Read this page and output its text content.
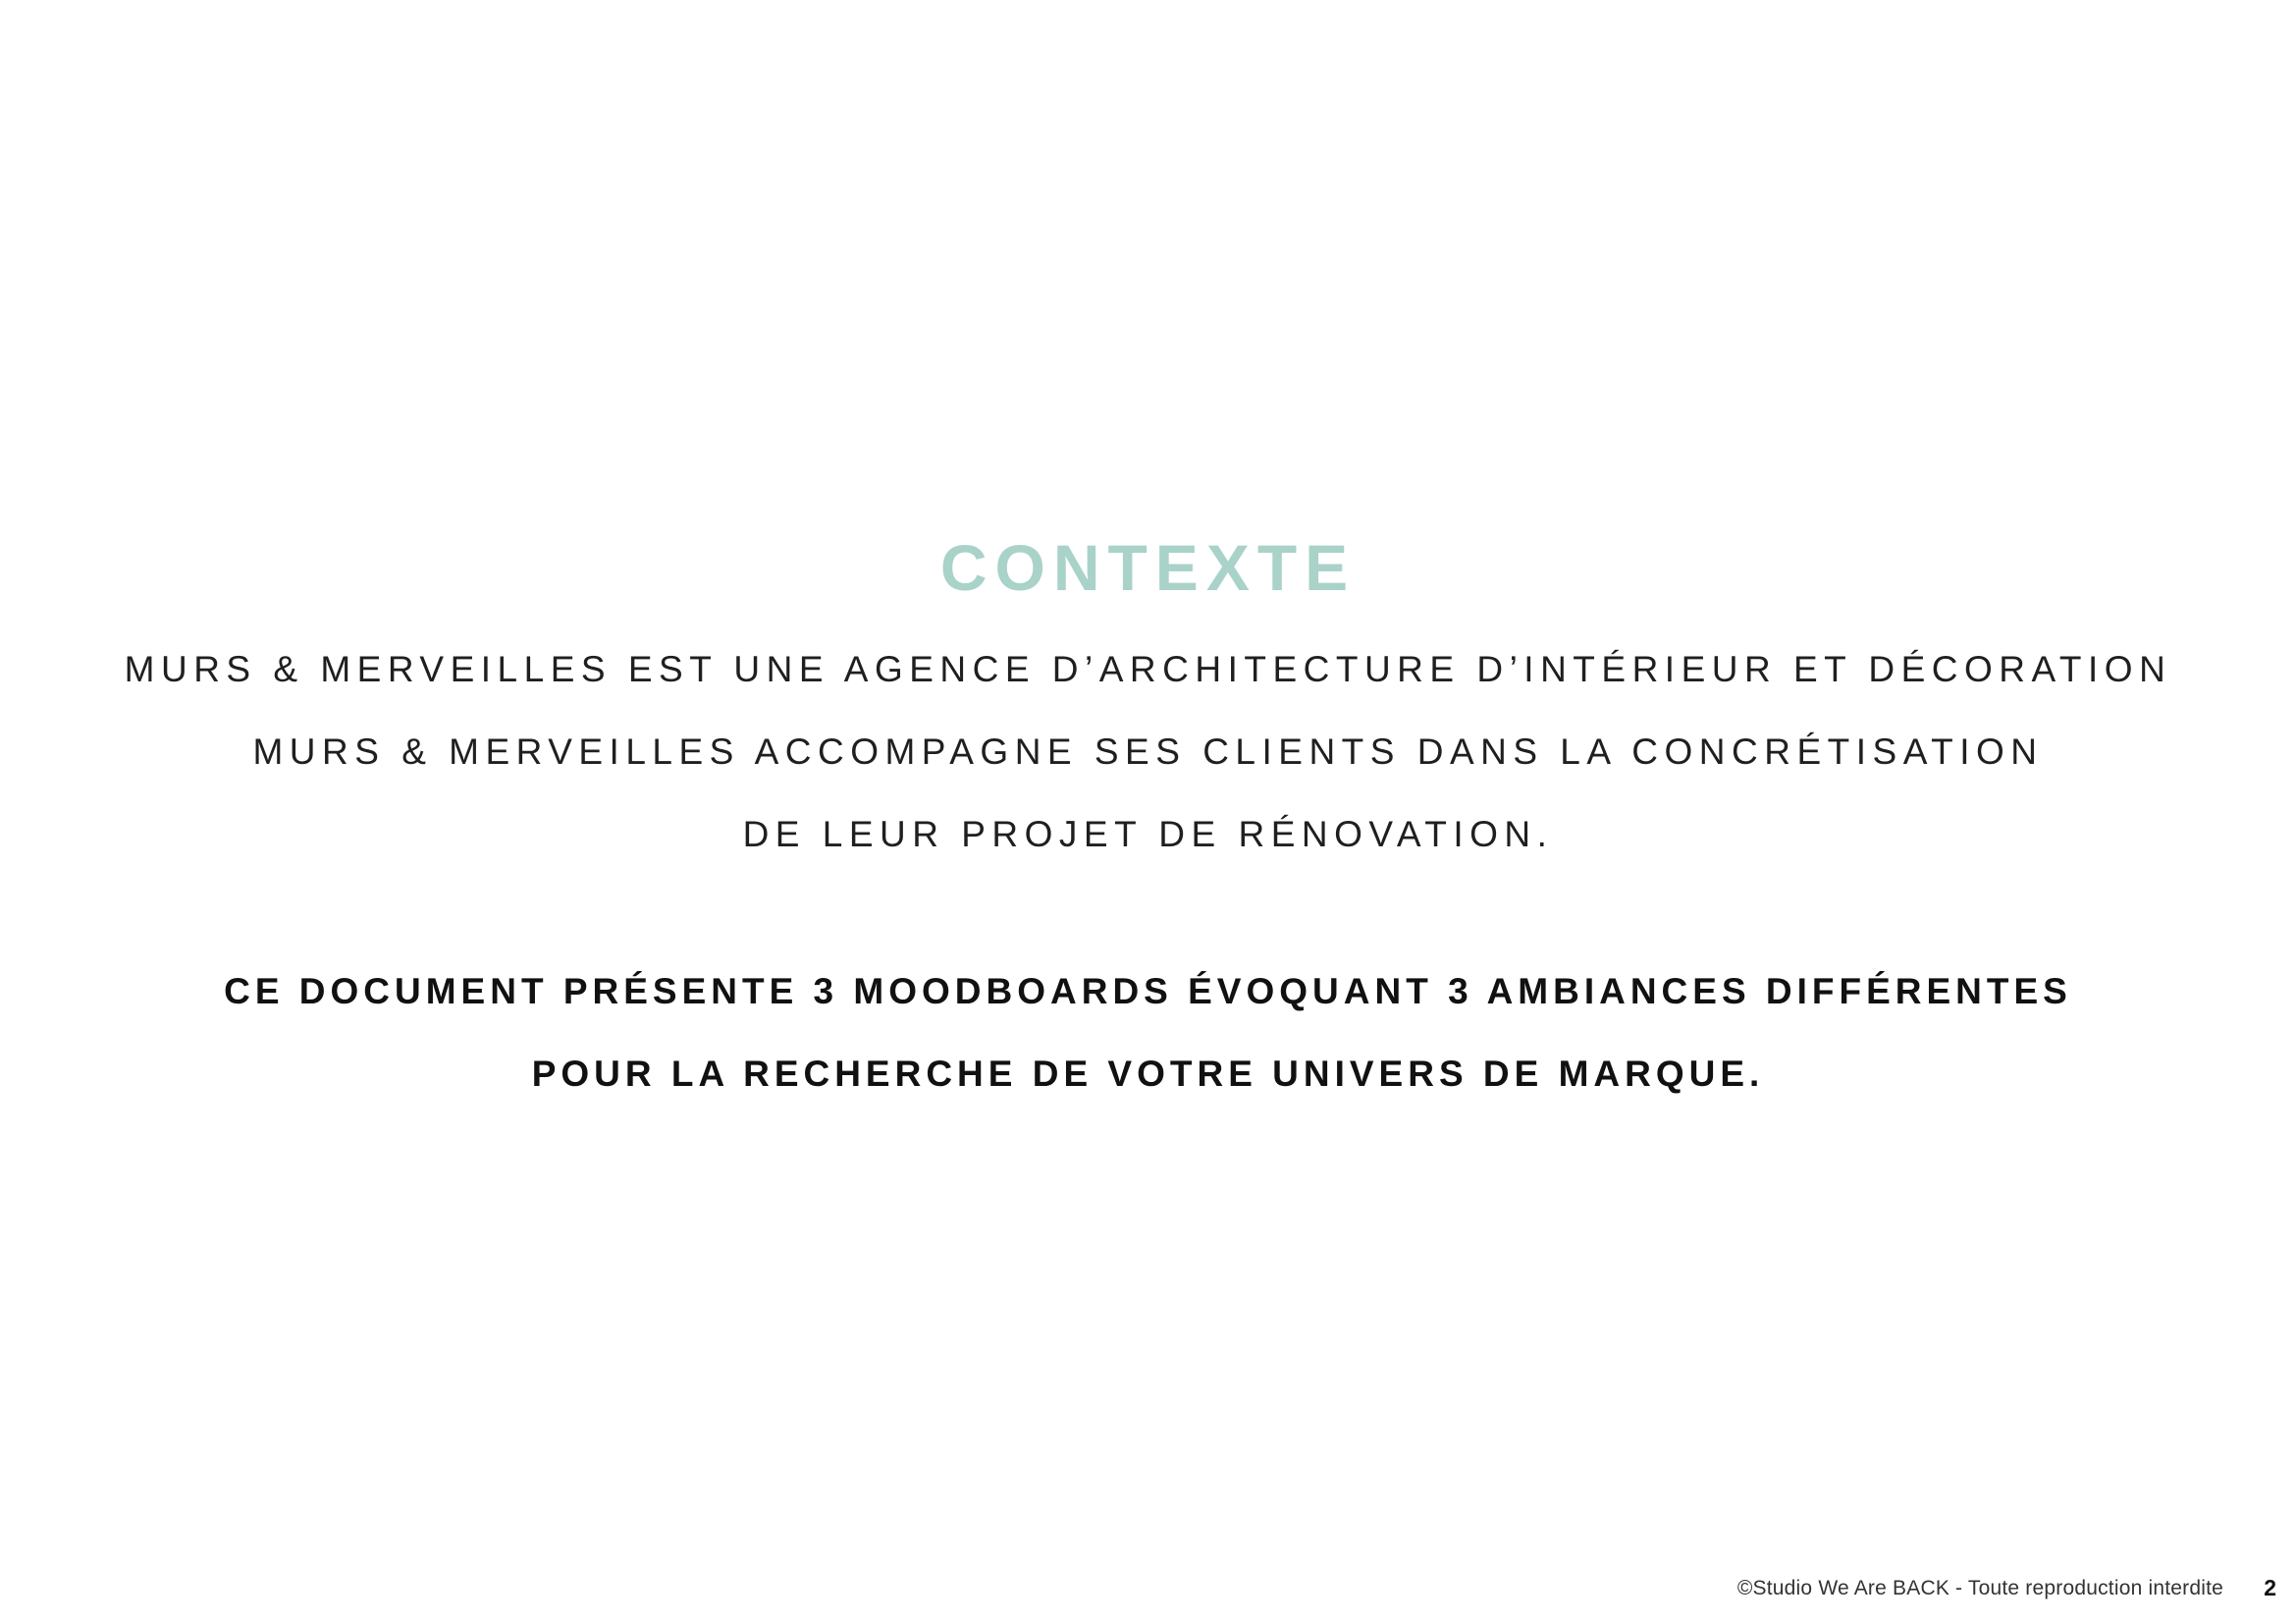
CONTEXTE
MURS & MERVEILLES EST UNE AGENCE D’ARCHITECTURE D’INTÉRIEUR ET DÉCORATION
MURS & MERVEILLES ACCOMPAGNE SES CLIENTS DANS LA CONCRÉTISATION
DE LEUR PROJET DE RÉNOVATION.
CE DOCUMENT PRÉSENTE 3 MOODBOARDS ÉVOQUANT 3 AMBIANCES DIFFÉRENTES
POUR LA RECHERCHE DE VOTRE UNIVERS DE MARQUE.
©Studio We Are BACK - Toute reproduction interdite 2
